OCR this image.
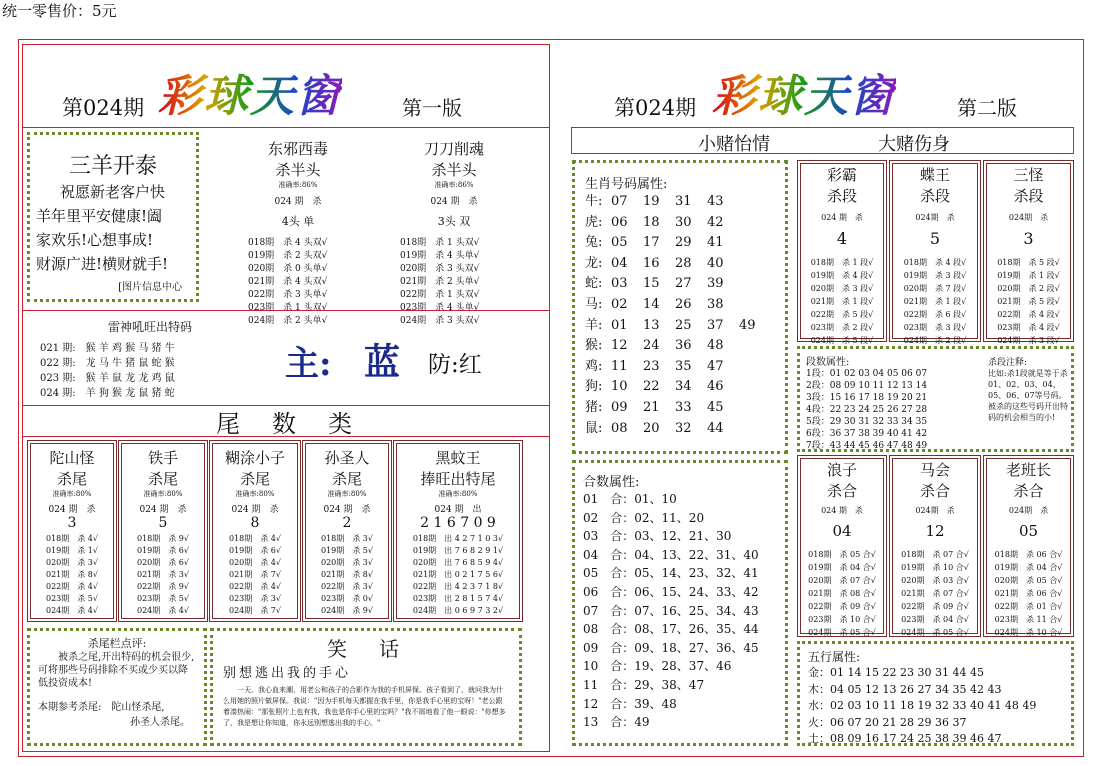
统一零售价：5元
第024期 彩球天窗	第一版
三羊开泰
祝愿新老客户快
羊年里平安健康!阖
家欢乐!心想事成!
财源广进!横财就手!
[图片信息中心
东邪西毒
杀半头
准确率:86%
024 期　杀
4头 单
018期　杀 4 头双√
019期　杀 2 头双√
020期　杀 0 头单√
021期　杀 4 头双√
022期　杀 3 头单√
023期　杀 1 头双√
024期　杀 2 头单√
刀刀削魂
杀半头
准确率:86%
024 期　杀
3头 双
018期　杀 1 头双√
019期　杀 4 头单√
020期　杀 3 头双√
021期　杀 2 头单√
022期　杀 1 头双√
023期　杀 4 头单√
024期　杀 3 头双√
雷神吼旺出特码
021 期:　猴 羊 鸡 猴 马 猪 牛
022 期:　龙 马 牛 猪 鼠 蛇 猴
023 期:　猴 羊 鼠 龙 龙 鸡 鼠
024 期:　羊 狗 猴 龙 鼠 猪 蛇
主: 蓝 防:红
尾　数　类
陀山怪
杀尾
准确率:80%
024 期　杀
3
018期　杀 4√
019期　杀 1√
020期　杀 3√
021期　杀 8√
022期　杀 4√
023期　杀 5√
024期　杀 4√
铁手
杀尾
准确率:80%
024 期　杀
5
018期　杀 9√
019期　杀 6√
020期　杀 6√
021期　杀 3√
022期　杀 9√
023期　杀 5√
024期　杀 4√
糊涂小子
杀尾
准确率:80%
024 期　杀
8
018期　杀 4√
019期　杀 6√
020期　杀 4√
021期　杀 7√
022期　杀 4√
023期　杀 3√
024期　杀 7√
孙圣人
杀尾
准确率:80%
024 期　杀
2
018期　杀 3√
019期　杀 5√
020期　杀 3√
021期　杀 8√
022期　杀 3√
023期　杀 0√
024期　杀 9√
黑蚊王
捧旺出特尾
准确率:80%
024 期　出
2 1 6 7 0 9
018期　出 4 2 7 1 0 3√
019期　出 7 6 8 2 9 1√
020期　出 7 6 8 5 9 4√
021期　出 0 2 1 7 5 6√
022期　出 4 2 3 7 1 8√
023期　出 2 8 1 5 7 4√
024期　出 0 6 9 7 3 2√
杀尾栏点评:
被杀之尾,开出特码的机会很少,可将那些号码排除不买或少买以降低投资成本!
本期参考杀尾:　陀山怪杀尾,
孙圣人杀尾。
笑　话
别想逃出我的手心
一天，我心血来潮，用老公和孩子的合影作为我的手机屏保。孩子看到了，就问我为什么用她的照片做屏保。我说："因为手机每天都握在我手里，你是我手心里的宝呀！"老公跟着凑热闹："那张照片上也有我，我也是你手心里的宝吗？"我不屑地看了他一眼说："你想多了，我是想让你知道，你永远别想逃出我的手心。"
第024期 彩球天窗	第二版
小赌怡情	大赌伤身
生肖号码属性:
牛: 07	19	31	43
虎: 06	18	30	42
兔: 05	17	29	41
龙: 04	16	28	40
蛇: 03	15	27	39
马: 02	14	26	38
羊: 01	13	25	37	49
猴: 12	24	36	48
鸡: 11	23	35	47
狗: 10	22	34	46
猪: 09	21	33	45
鼠: 08	20	32	44
彩霸
杀段
024 期　杀
4
018期　杀 1 段√
019期　杀 4 段√
020期　杀 3 段√
021期　杀 1 段√
022期　杀 5 段√
023期　杀 2 段√
024期　杀 5 段√
蝶王
杀段
024期　杀
5
018期　杀 4 段√
019期　杀 3 段√
020期　杀 7 段√
021期　杀 1 段√
022期　杀 6 段√
023期　杀 3 段√
024期　杀 2 段√
三怪
杀段
024期　杀
3
018期　杀 5 段√
019期　杀 1 段√
020期　杀 2 段√
021期　杀 5 段√
022期　杀 4 段√
023期　杀 4 段√
024期　杀 3 段√
段数属性:
1段：01 02 03 04 05 06 07
2段：08 09 10 11 12 13 14
3段：15 16 17 18 19 20 21
4段：22 23 24 25 26 27 28
5段：29 30 31 32 33 34 35
6段：36 37 38 39 40 41 42
7段：43 44 45 46 47 48 49
杀段注释:
比如:杀1段就是等于杀01、02、03、04、05、06、07等号码。被杀的这些号码开出特码的机会相当的小!
合数属性:
01　合：01、10
02　合：02、11、20
03　合：03、12、21、30
04　合：04、13、22、31、40
05　合：05、14、23、32、41
06　合：06、15、24、33、42
07　合：07、16、25、34、43
08　合：08、17、26、35、44
09　合：09、18、27、36、45
10　合：19、28、37、46
11　合：29、38、47
12　合：39、48
13　合：49
浪子
杀合
024 期　杀
04
018期　杀 05 合√
019期　杀 04 合√
020期　杀 07 合√
021期　杀 08 合√
022期　杀 09 合√
023期　杀 10 合√
024期　杀 05 合√
马会
杀合
024期　杀
12
018期　杀 07 合√
019期　杀 10 合√
020期　杀 03 合√
021期　杀 07 合√
022期　杀 09 合√
023期　杀 04 合√
024期　杀 05 合√
老班长
杀合
024期　杀
05
018期　杀 06 合√
019期　杀 04 合√
020期　杀 05 合√
021期　杀 06 合√
022期　杀 01 合√
023期　杀 11 合√
024期　杀 10 合√
五行属性:
金：01 14 15 22 23 30 31 44 45
木：04 05 12 13 26 27 34 35 42 43
水：02 03 10 11 18 19 32 33 40 41 48 49
火：06 07 20 21 28 29 36 37
土：08 09 16 17 24 25 38 39 46 47
